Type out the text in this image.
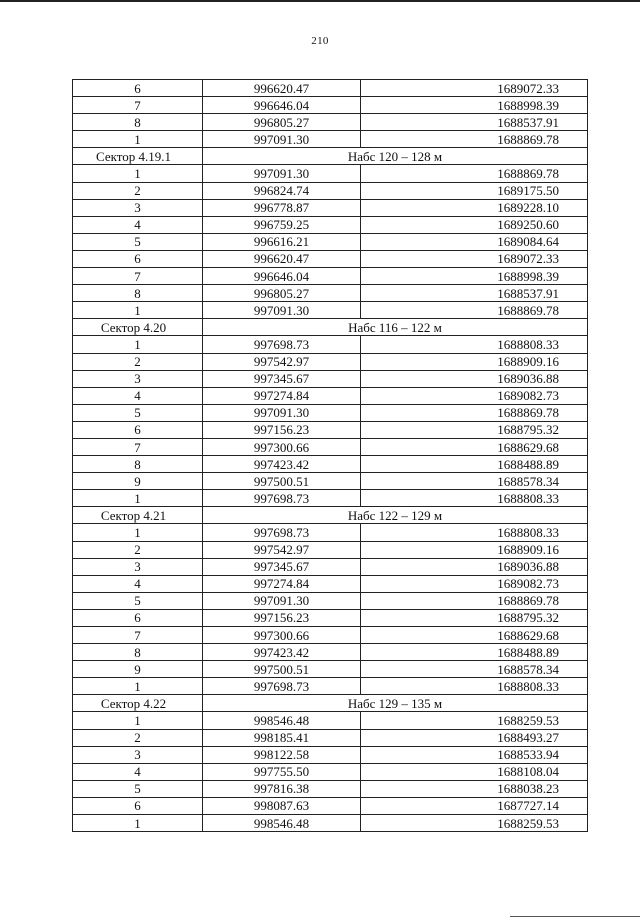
210
6	996620.47	1689072.33
7	996646.04	1688998.39
8	996805.27	1688537.91
1	997091.30	1688869.78
Сектор 4.19.1	Набс 120 – 128 м	
1	997091.30	1688869.78
2	996824.74	1689175.50
3	996778.87	1689228.10
4	996759.25	1689250.60
5	996616.21	1689084.64
6	996620.47	1689072.33
7	996646.04	1688998.39
8	996805.27	1688537.91
1	997091.30	1688869.78
Сектор 4.20	Набс 116 – 122 м	
1	997698.73	1688808.33
2	997542.97	1688909.16
3	997345.67	1689036.88
4	997274.84	1689082.73
5	997091.30	1688869.78
6	997156.23	1688795.32
7	997300.66	1688629.68
8	997423.42	1688488.89
9	997500.51	1688578.34
1	997698.73	1688808.33
Сектор 4.21	Набс 122 – 129 м	
1	997698.73	1688808.33
2	997542.97	1688909.16
3	997345.67	1689036.88
4	997274.84	1689082.73
5	997091.30	1688869.78
6	997156.23	1688795.32
7	997300.66	1688629.68
8	997423.42	1688488.89
9	997500.51	1688578.34
1	997698.73	1688808.33
Сектор 4.22	Набс 129 – 135 м	
1	998546.48	1688259.53
2	998185.41	1688493.27
3	998122.58	1688533.94
4	997755.50	1688108.04
5	997816.38	1688038.23
6	998087.63	1687727.14
1	998546.48	1688259.53
